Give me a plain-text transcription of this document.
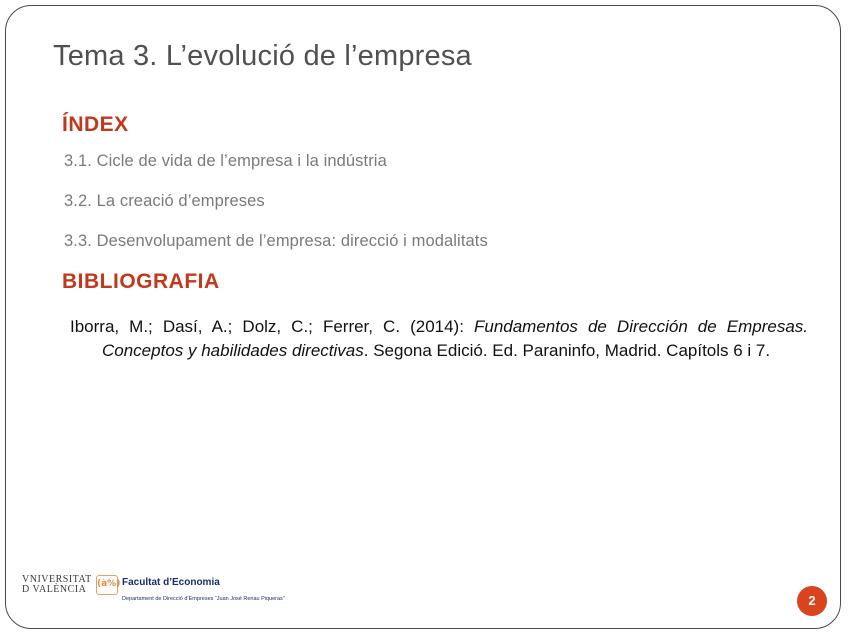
Tema 3. L’evolució de l’empresa
ÍNDEX
3.1. Cicle de vida de l’empresa i la indústria
3.2. La creació d’empreses
3.3. Desenvolupament de l’empresa: direcció i modalitats
BIBLIOGRAFIA
Iborra, M.; Dasí, A.; Dolz, C.; Ferrer, C. (2014): Fundamentos de Dirección de Empresas. Conceptos y habilidades directivas. Segona Edició. Ed. Paraninfo, Madrid. Capítols 6 i 7.
VNIVERSITAT
D VALÈNCIA	(à%) Facultat d’Economia
Departament de Direcció d’Empreses “Juan José Renau Piqueras”	2
